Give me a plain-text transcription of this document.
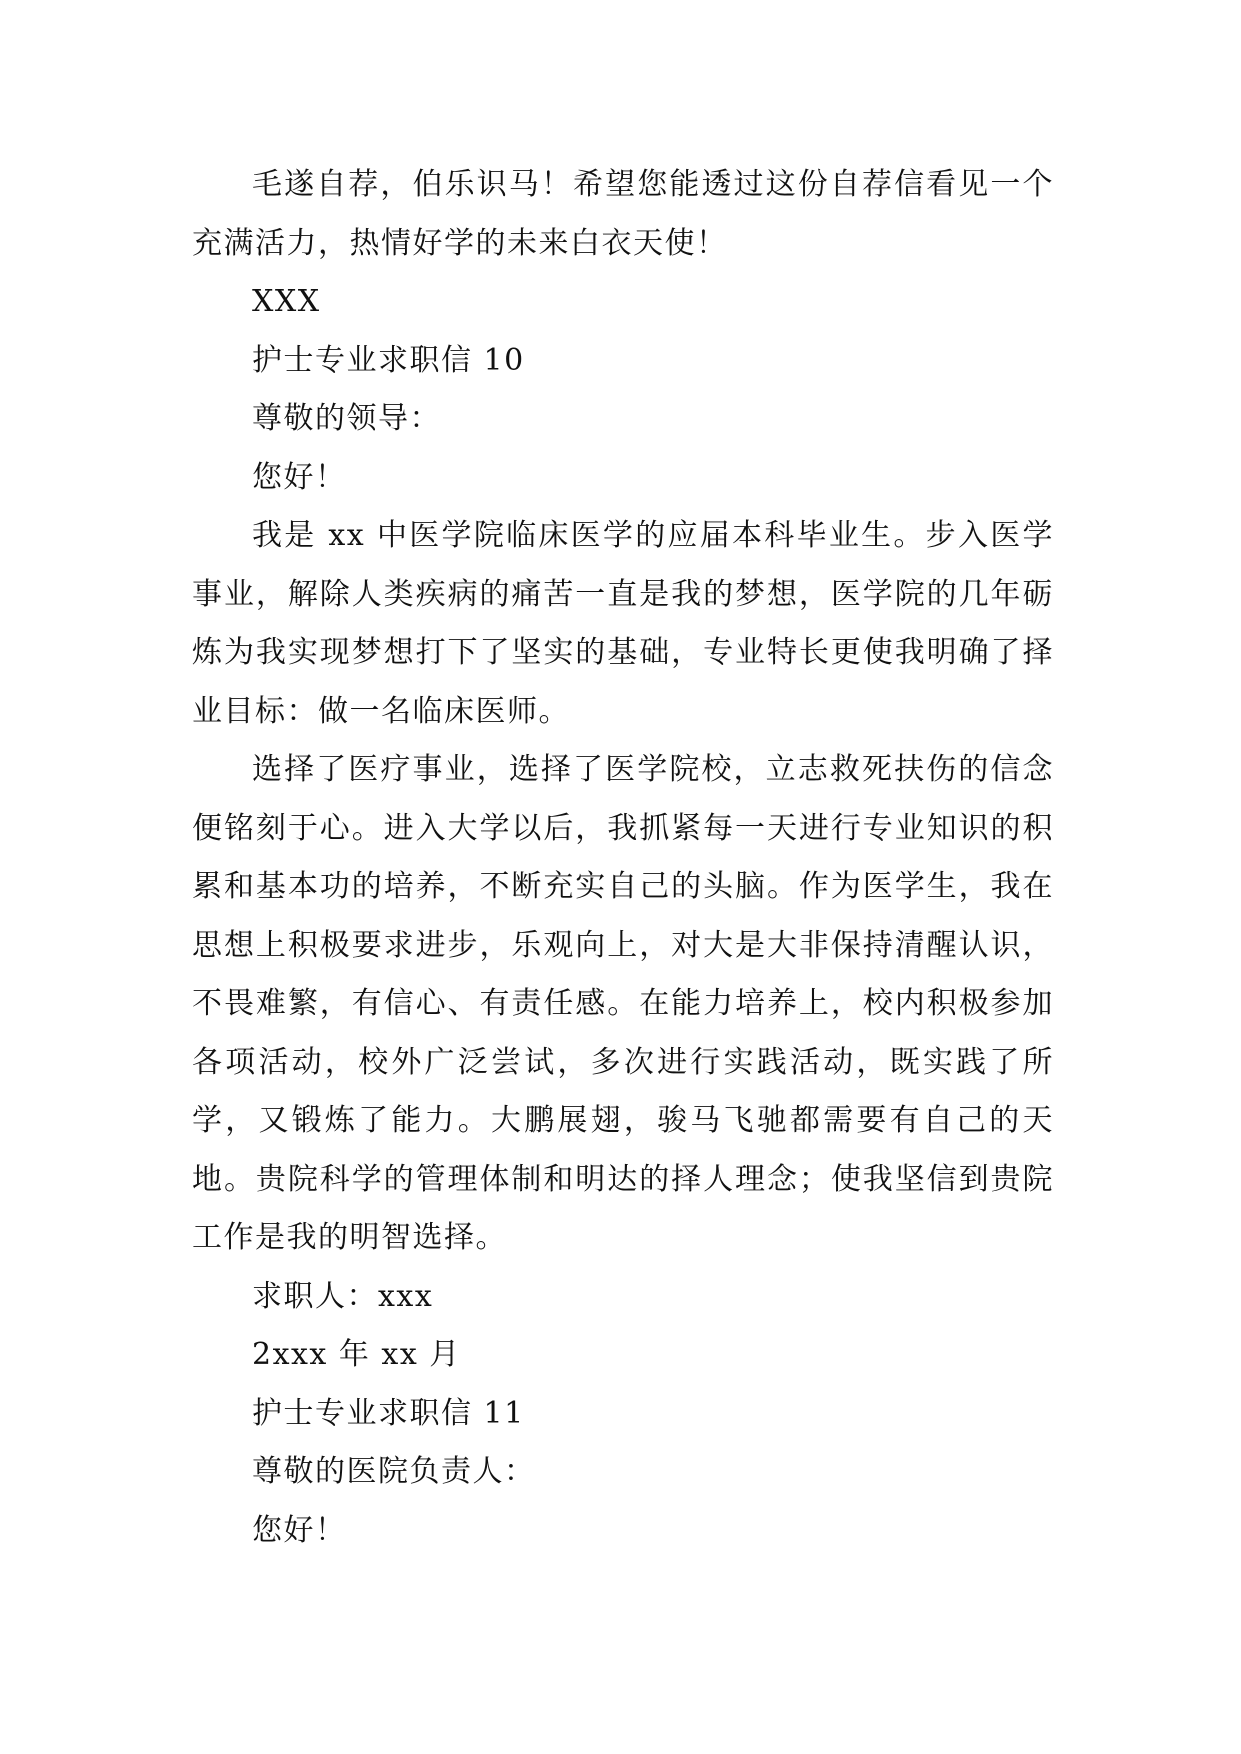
毛遂自荐，伯乐识马！希望您能透过这份自荐信看见一个充满活力，热情好学的未来白衣天使！

XXX

护士专业求职信 10

尊敬的领导：

您好！

我是 xx 中医学院临床医学的应届本科毕业生。步入医学事业，解除人类疾病的痛苦一直是我的梦想，医学院的几年砺炼为我实现梦想打下了坚实的基础，专业特长更使我明确了择业目标：做一名临床医师。

选择了医疗事业，选择了医学院校，立志救死扶伤的信念便铭刻于心。进入大学以后，我抓紧每一天进行专业知识的积累和基本功的培养，不断充实自己的头脑。作为医学生，我在思想上积极要求进步，乐观向上，对大是大非保持清醒认识，不畏难繁，有信心、有责任感。在能力培养上，校内积极参加各项活动，校外广泛尝试，多次进行实践活动，既实践了所学，又锻炼了能力。大鹏展翅，骏马飞驰都需要有自己的天地。贵院科学的管理体制和明达的择人理念；使我坚信到贵院工作是我的明智选择。

求职人：xxx

2xxx 年 xx 月

护士专业求职信 11

尊敬的医院负责人：

您好！
